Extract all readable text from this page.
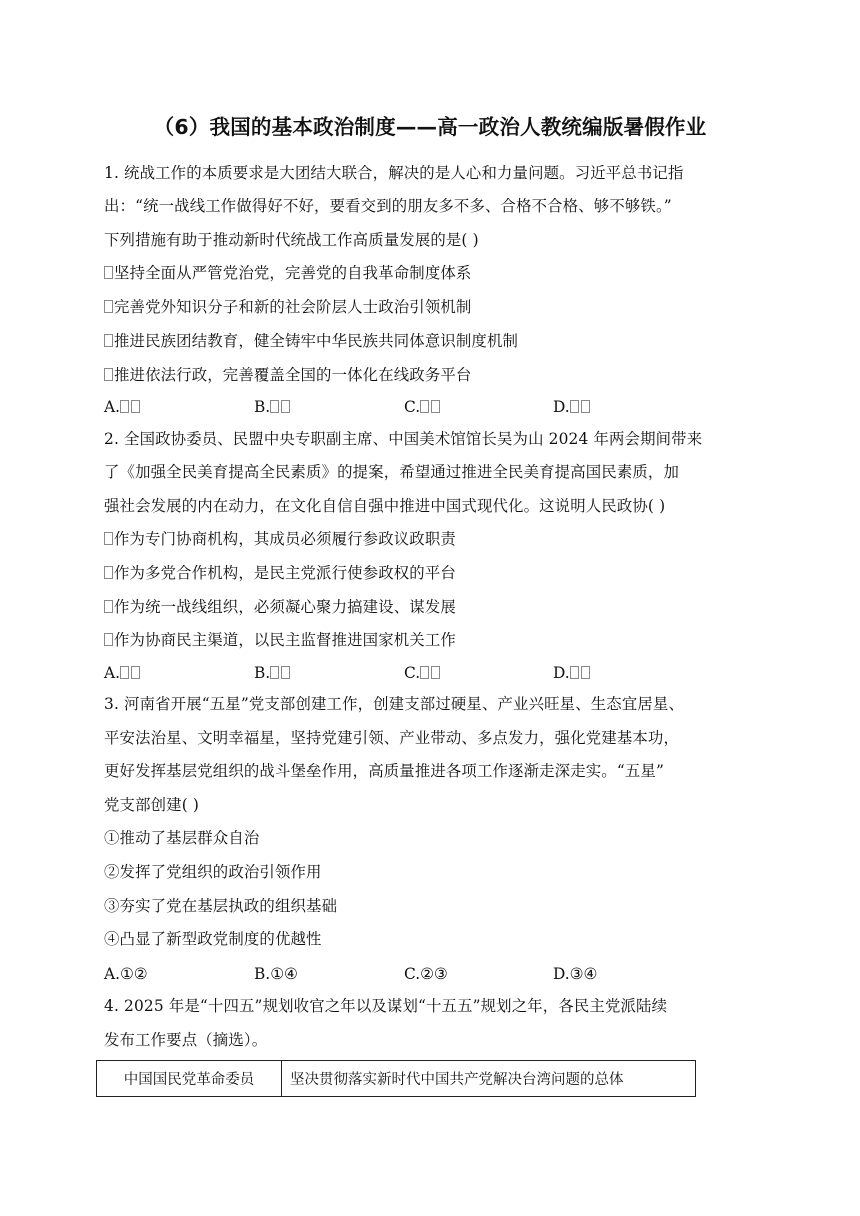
（6）我国的基本政治制度——高一政治人教统编版暑假作业
1. 统战工作的本质要求是大团结大联合，解决的是人心和力量问题。习近平总书记指
出：“统一战线工作做得好不好，要看交到的朋友多不多、合格不合格、够不够铁。”
下列措施有助于推动新时代统战工作高质量发展的是( )
坚持全面从严管党治党，完善党的自我革命制度体系
完善党外知识分子和新的社会阶层人士政治引领机制
推进民族团结教育，健全铸牢中华民族共同体意识制度机制
推进依法行政，完善覆盖全国的一体化在线政务平台
A.	B.	C.	D.
2. 全国政协委员、民盟中央专职副主席、中国美术馆馆长吴为山 2024 年两会期间带来
了《加强全民美育提高全民素质》的提案，希望通过推进全民美育提高国民素质，加
强社会发展的内在动力，在文化自信自强中推进中国式现代化。这说明人民政协( )
作为专门协商机构，其成员必须履行参政议政职责
作为多党合作机构，是民主党派行使参政权的平台
作为统一战线组织，必须凝心聚力搞建设、谋发展
作为协商民主渠道，以民主监督推进国家机关工作
A.	B.	C.	D.
3. 河南省开展“五星”党支部创建工作，创建支部过硬星、产业兴旺星、生态宜居星、
平安法治星、文明幸福星，坚持党建引领、产业带动、多点发力，强化党建基本功，
更好发挥基层党组织的战斗堡垒作用，高质量推进各项工作逐渐走深走实。“五星”
党支部创建( )
①推动了基层群众自治
②发挥了党组织的政治引领作用
③夯实了党在基层执政的组织基础
④凸显了新型政党制度的优越性
A.①②	B.①④	C.②③	D.③④
4. 2025 年是“十四五”规划收官之年以及谋划“十五五”规划之年，各民主党派陆续
发布工作要点（摘选）。
中国国民党革命委员	坚决贯彻落实新时代中国共产党解决台湾问题的总体
